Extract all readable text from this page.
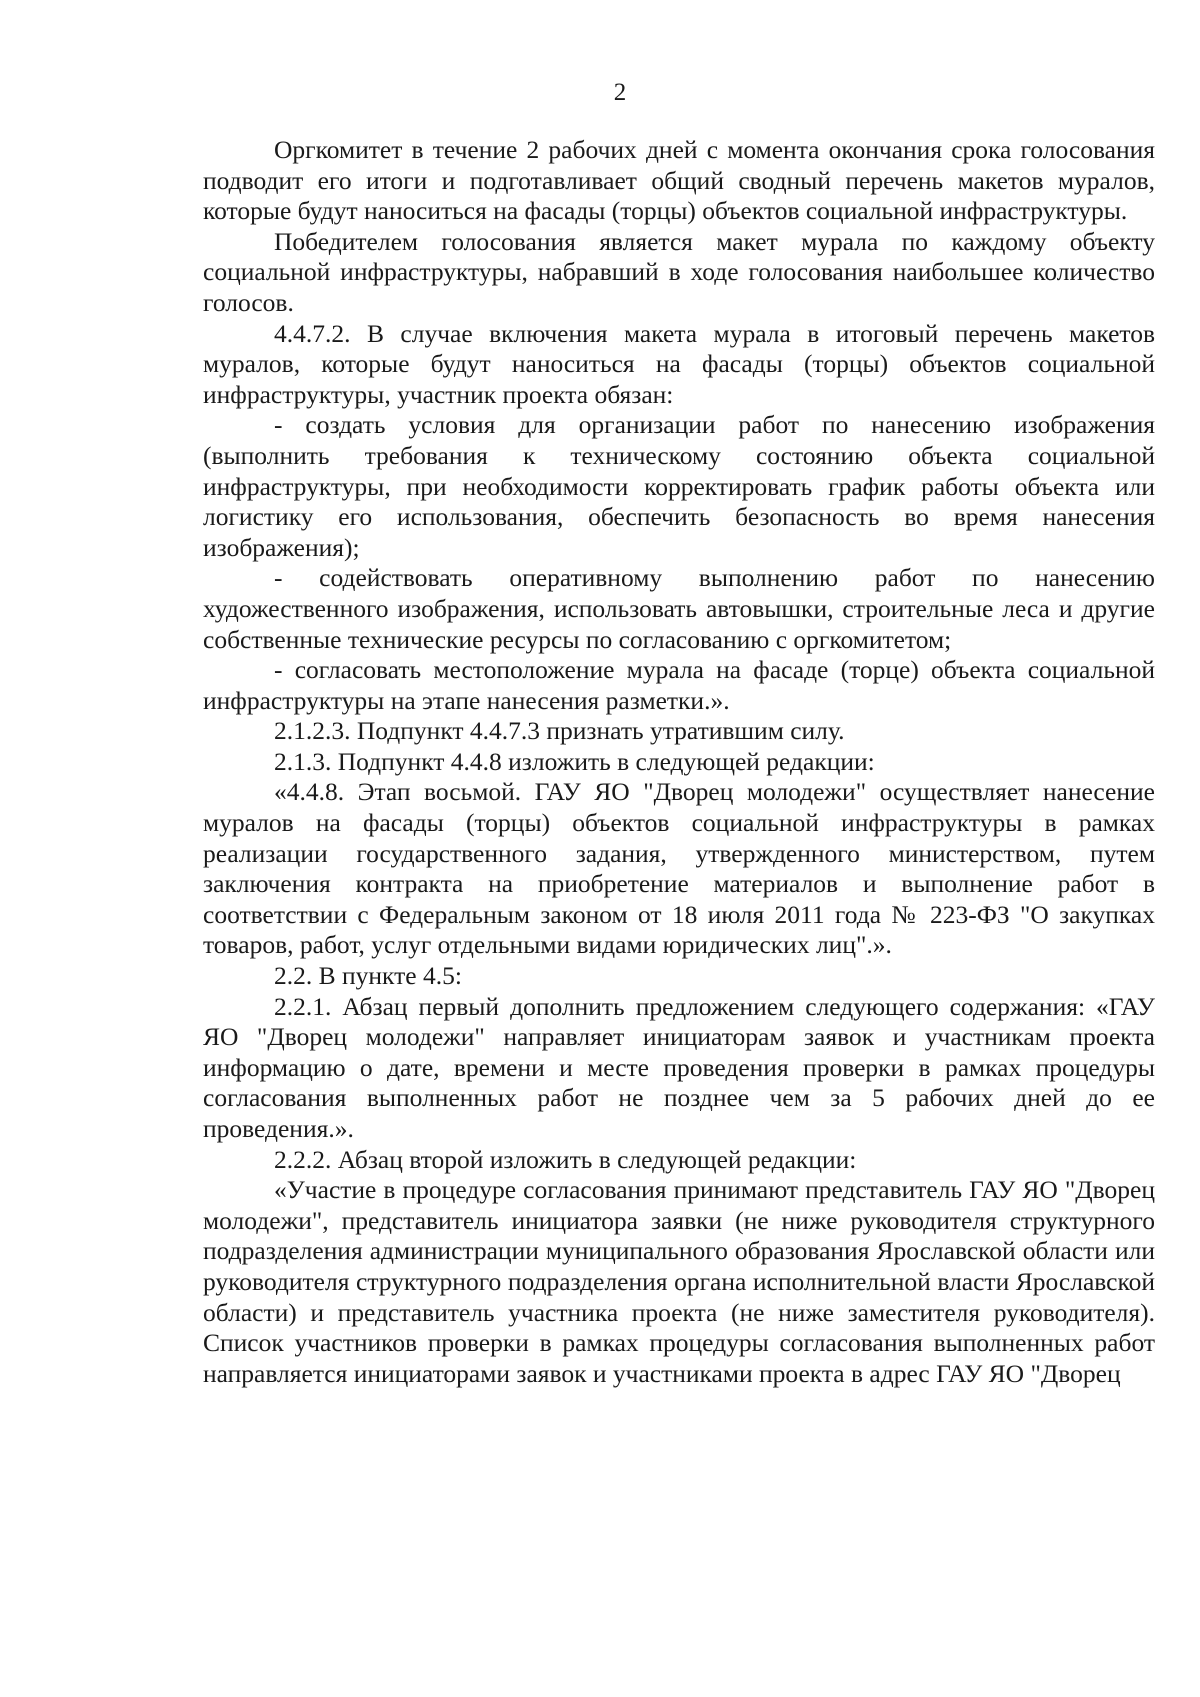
2

Оргкомитет в течение 2 рабочих дней с момента окончания срока голосования подводит его итоги и подготавливает общий сводный перечень макетов муралов, которые будут наноситься на фасады (торцы) объектов социальной инфраструктуры.

Победителем голосования является макет мурала по каждому объекту социальной инфраструктуры, набравший в ходе голосования наибольшее количество голосов.

4.4.7.2. В случае включения макета мурала в итоговый перечень макетов муралов, которые будут наноситься на фасады (торцы) объектов социальной инфраструктуры, участник проекта обязан:

- создать условия для организации работ по нанесению изображения (выполнить требования к техническому состоянию объекта социальной инфраструктуры, при необходимости корректировать график работы объекта или логистику его использования, обеспечить безопасность во время нанесения изображения);

- содействовать оперативному выполнению работ по нанесению художественного изображения, использовать автовышки, строительные леса и другие собственные технические ресурсы по согласованию с оргкомитетом;

- согласовать местоположение мурала на фасаде (торце) объекта социальной инфраструктуры на этапе нанесения разметки.».

2.1.2.3. Подпункт 4.4.7.3 признать утратившим силу.

2.1.3. Подпункт 4.4.8 изложить в следующей редакции:

«4.4.8. Этап восьмой. ГАУ ЯО "Дворец молодежи" осуществляет нанесение муралов на фасады (торцы) объектов социальной инфраструктуры в рамках реализации государственного задания, утвержденного министерством, путем заключения контракта на приобретение материалов и выполнение работ в соответствии с Федеральным законом от 18 июля 2011 года № 223-ФЗ "О закупках товаров, работ, услуг отдельными видами юридических лиц".».

2.2. В пункте 4.5:

2.2.1. Абзац первый дополнить предложением следующего содержания: «ГАУ ЯО "Дворец молодежи" направляет инициаторам заявок и участникам проекта информацию о дате, времени и месте проведения проверки в рамках процедуры согласования выполненных работ не позднее чем за 5 рабочих дней до ее проведения.».

2.2.2. Абзац второй изложить в следующей редакции:

«Участие в процедуре согласования принимают представитель ГАУ ЯО "Дворец молодежи", представитель инициатора заявки (не ниже руководителя структурного подразделения администрации муниципального образования Ярославской области или руководителя структурного подразделения органа исполнительной власти Ярославской области) и представитель участника проекта (не ниже заместителя руководителя). Список участников проверки в рамках процедуры согласования выполненных работ направляется инициаторами заявок и участниками проекта в адрес ГАУ ЯО "Дворец
